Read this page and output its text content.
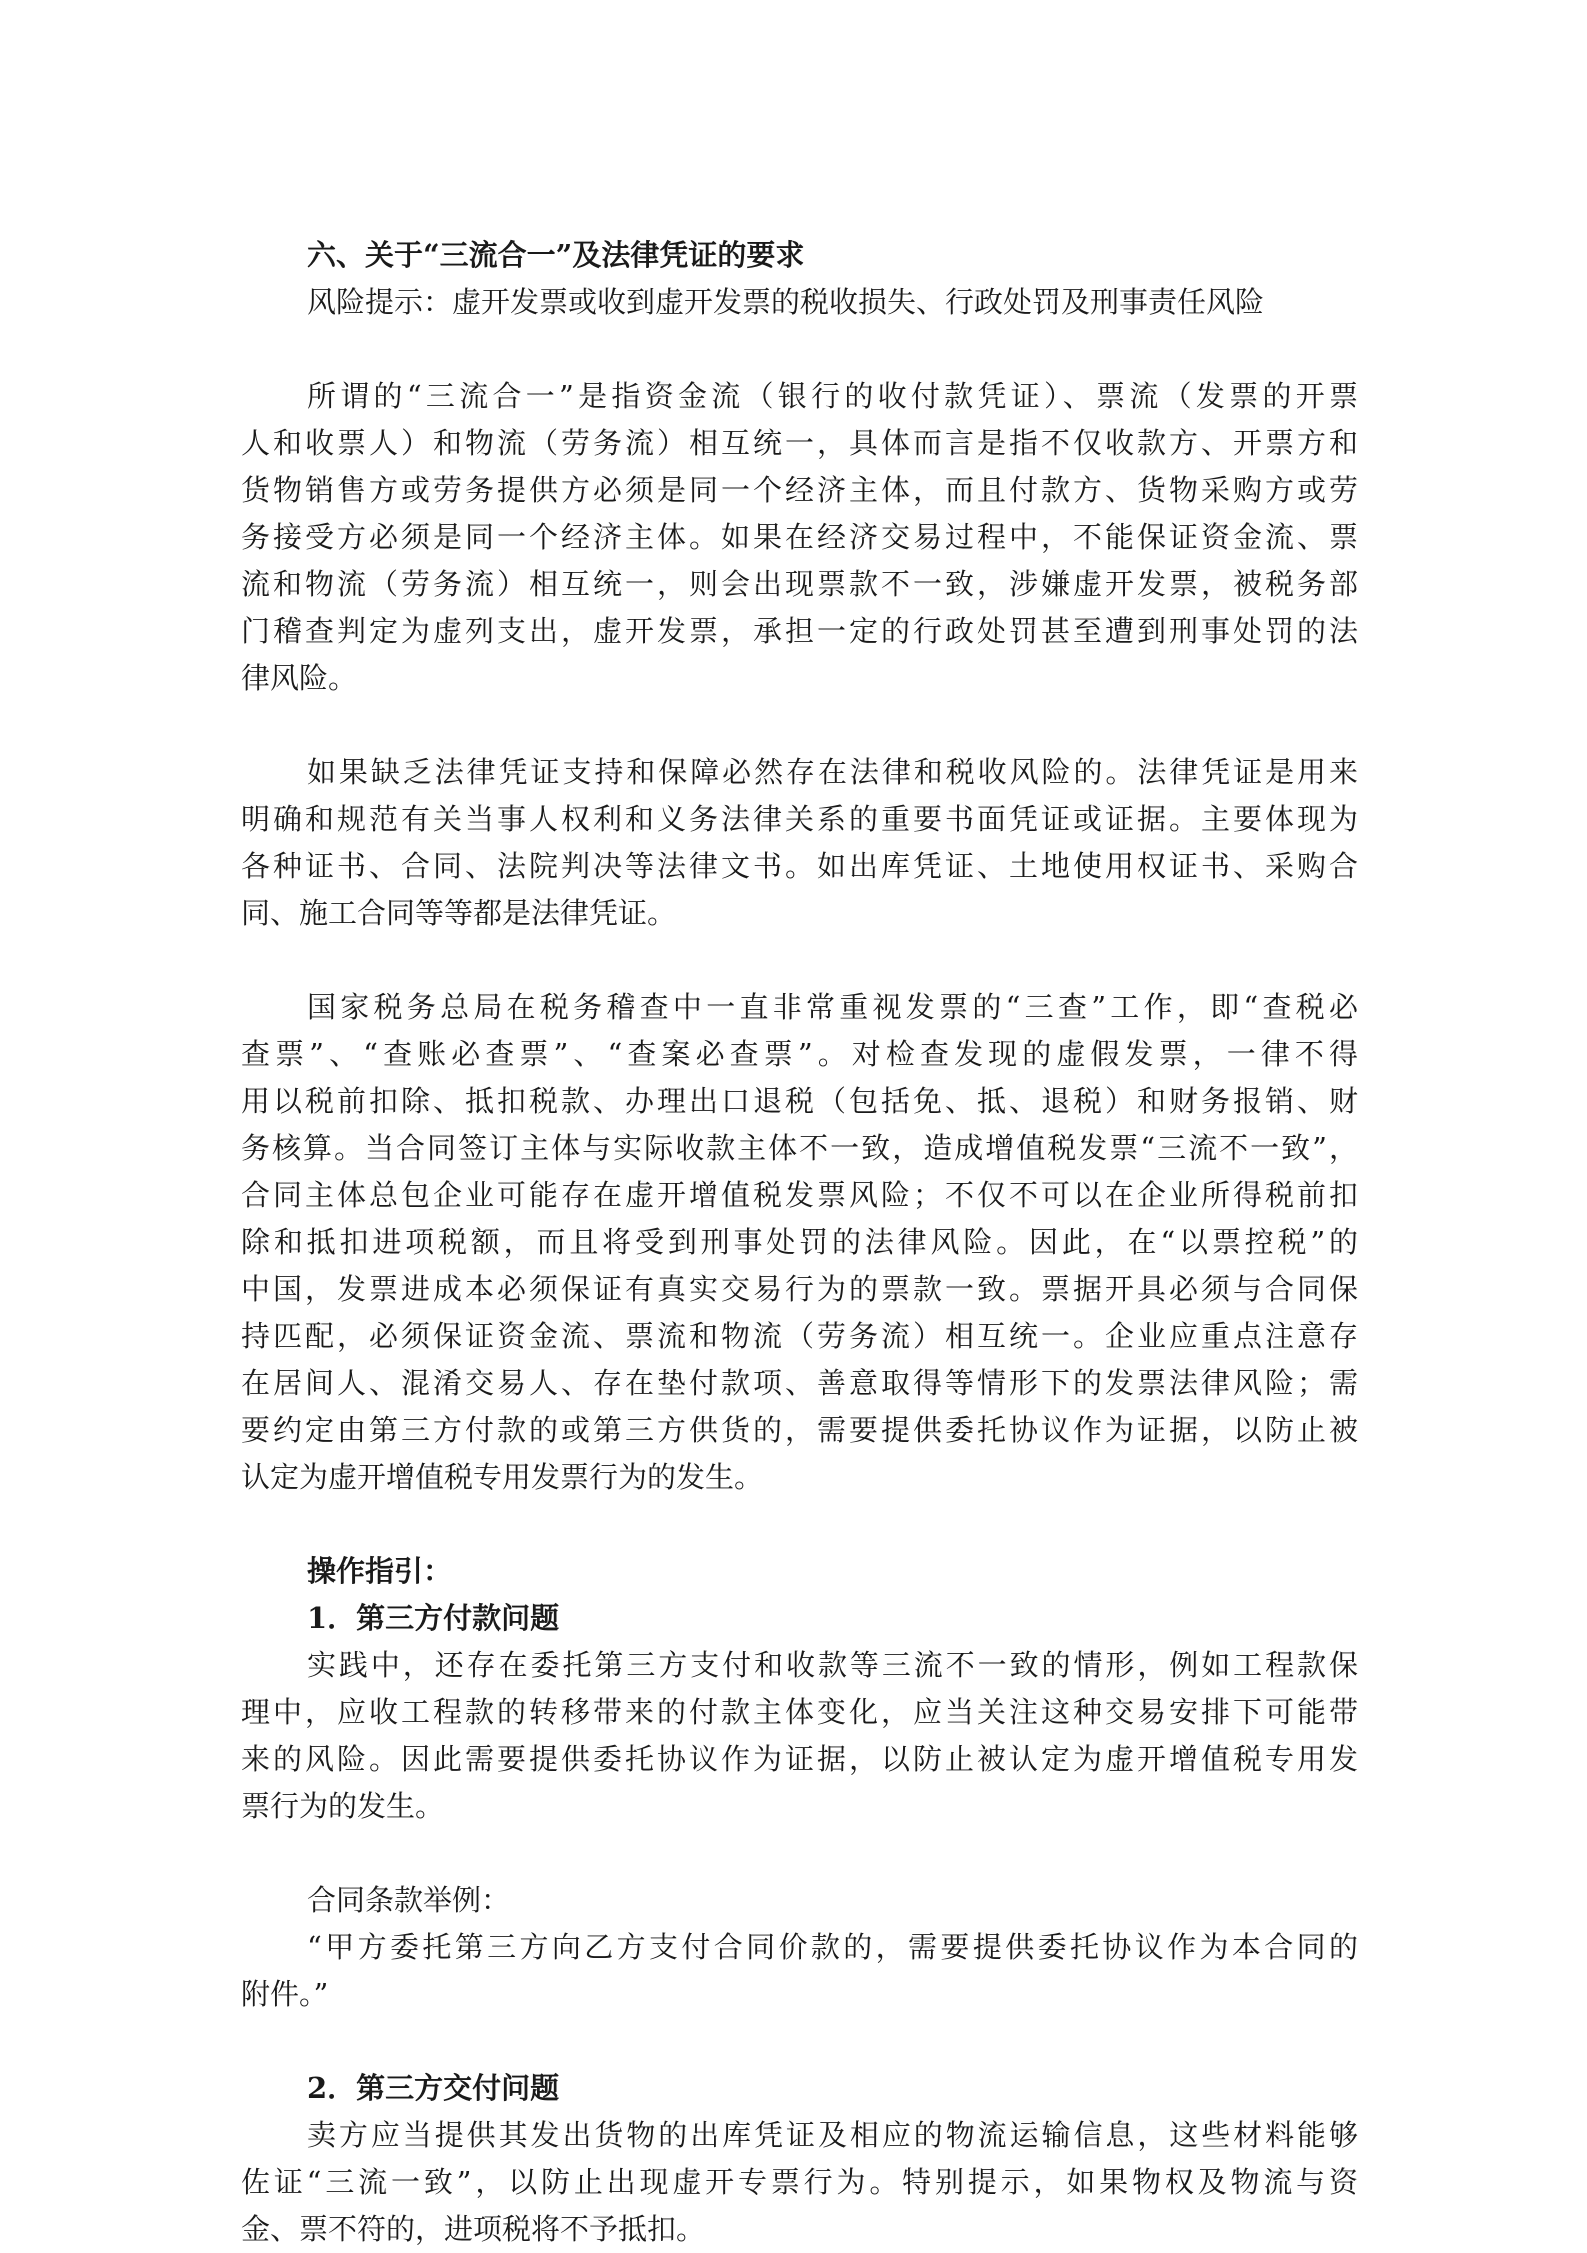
六、关于“三流合一”及法律凭证的要求

风险提示：虚开发票或收到虚开发票的税收损失、行政处罚及刑事责任风险

所谓的“三流合一”是指资金流（银行的收付款凭证）、票流（发票的开票

人和收票人）和物流（劳务流）相互统一，具体而言是指不仅收款方、开票方和

货物销售方或劳务提供方必须是同一个经济主体，而且付款方、货物采购方或劳

务接受方必须是同一个经济主体。如果在经济交易过程中，不能保证资金流、票

流和物流（劳务流）相互统一，则会出现票款不一致，涉嫌虚开发票，被税务部

门稽查判定为虚列支出，虚开发票，承担一定的行政处罚甚至遭到刑事处罚的法

律风险。

如果缺乏法律凭证支持和保障必然存在法律和税收风险的。法律凭证是用来

明确和规范有关当事人权利和义务法律关系的重要书面凭证或证据。主要体现为

各种证书、合同、法院判决等法律文书。如出库凭证、土地使用权证书、采购合

同、施工合同等等都是法律凭证。

国家税务总局在税务稽查中一直非常重视发票的“三查”工作，即“查税必

查票”、“查账必查票”、“查案必查票”。对检查发现的虚假发票，一律不得

用以税前扣除、抵扣税款、办理出口退税（包括免、抵、退税）和财务报销、财

务核算。当合同签订主体与实际收款主体不一致，造成增值税发票“三流不一致”，

合同主体总包企业可能存在虚开增值税发票风险；不仅不可以在企业所得税前扣

除和抵扣进项税额，而且将受到刑事处罚的法律风险。因此，在“以票控税”的

中国，发票进成本必须保证有真实交易行为的票款一致。票据开具必须与合同保

持匹配，必须保证资金流、票流和物流（劳务流）相互统一。企业应重点注意存

在居间人、混淆交易人、存在垫付款项、善意取得等情形下的发票法律风险；需

要约定由第三方付款的或第三方供货的，需要提供委托协议作为证据，以防止被

认定为虚开增值税专用发票行为的发生。

操作指引：

1．第三方付款问题

实践中，还存在委托第三方支付和收款等三流不一致的情形，例如工程款保

理中，应收工程款的转移带来的付款主体变化，应当关注这种交易安排下可能带

来的风险。因此需要提供委托协议作为证据，以防止被认定为虚开增值税专用发

票行为的发生。

合同条款举例：

“甲方委托第三方向乙方支付合同价款的，需要提供委托协议作为本合同的

附件。”

2．第三方交付问题

卖方应当提供其发出货物的出库凭证及相应的物流运输信息，这些材料能够

佐证“三流一致”，以防止出现虚开专票行为。特别提示，如果物权及物流与资

金、票不符的，进项税将不予抵扣。
